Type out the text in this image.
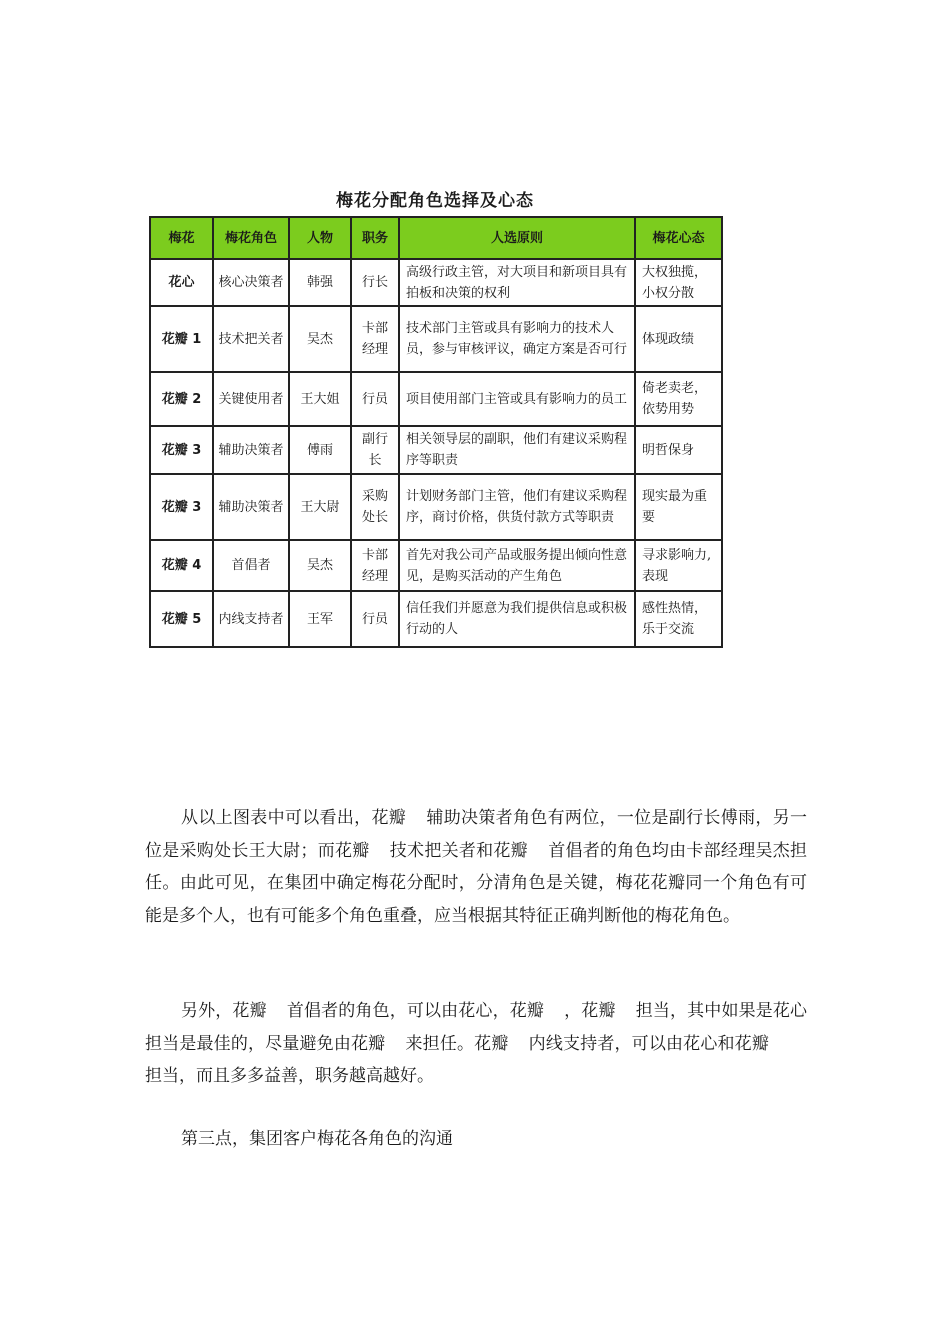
梅花分配角色选择及心态
梅花	梅花角色	人物	职务	人选原则	梅花心态
花心	核心决策者	韩强	行长	高级行政主管，对大项目和新项目具有拍板和决策的权利	大权独揽，小权分散
花瓣 1	技术把关者	吴杰	卡部经理	技术部门主管或具有影响力的技术人员，参与审核评议，确定方案是否可行	体现政绩
花瓣 2	关键使用者	王大姐	行员	项目使用部门主管或具有影响力的员工	倚老卖老，依势用势
花瓣 3	辅助决策者	傅雨	副行长	相关领导层的副职，他们有建议采购程序等职责	明哲保身
花瓣 3	辅助决策者	王大尉	采购处长	计划财务部门主管，他们有建议采购程序，商讨价格，供货付款方式等职责	现实最为重要
花瓣 4	首倡者	吴杰	卡部经理	首先对我公司产品或服务提出倾向性意见，是购买活动的产生角色	寻求影响力,表现
花瓣 5	内线支持者	王军	行员	信任我们并愿意为我们提供信息或积极行动的人	感性热情，乐于交流

从以上图表中可以看出，花瓣 辅助决策者角色有两位，一位是副行长傅雨，另一位是采购处长王大尉；而花瓣 技术把关者和花瓣 首倡者的角色均由卡部经理吴杰担任。由此可见，在集团中确定梅花分配时，分清角色是关键，梅花花瓣同一个角色有可能是多个人，也有可能多个角色重叠，应当根据其特征正确判断他的梅花角色。

另外，花瓣 首倡者的角色，可以由花心，花瓣 ，花瓣 担当，其中如果是花心担当是最佳的，尽量避免由花瓣 来担任。花瓣 内线支持者，可以由花心和花瓣担当，而且多多益善，职务越高越好。

第三点，集团客户梅花各角色的沟通
